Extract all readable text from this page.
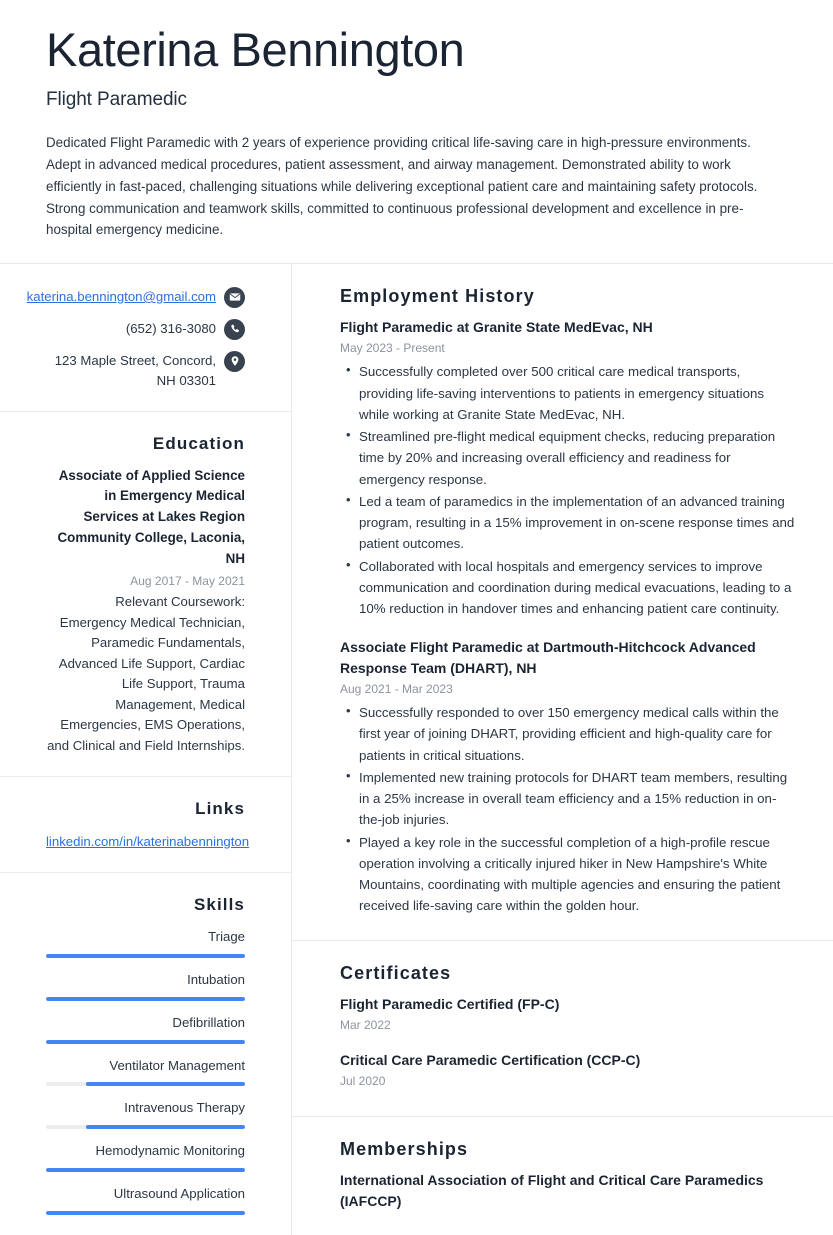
Katerina Bennington
Flight Paramedic

Dedicated Flight Paramedic with 2 years of experience providing critical life-saving care in high-pressure environments. Adept in advanced medical procedures, patient assessment, and airway management. Demonstrated ability to work efficiently in fast-paced, challenging situations while delivering exceptional patient care and maintaining safety protocols. Strong communication and teamwork skills, committed to continuous professional development and excellence in pre-hospital emergency medicine.

katerina.bennington@gmail.com
(652) 316-3080
123 Maple Street, Concord, NH 03301
Education

Associate of Applied Science in Emergency Medical Services at Lakes Region Community College, Laconia, NH

Aug 2017 - May 2021

Relevant Coursework: Emergency Medical Technician, Paramedic Fundamentals, Advanced Life Support, Cardiac Life Support, Trauma Management, Medical Emergencies, EMS Operations, and Clinical and Field Internships.

Links
linkedin.com/in/katerinabennington
Skills
Triage
Intubation
Defibrillation
Ventilator Management
Intravenous Therapy
Hemodynamic Monitoring
Ultrasound Application
Employment History

Flight Paramedic at Granite State MedEvac, NH

May 2023 - Present
• Successfully completed over 500 critical care medical transports, providing life-saving interventions to patients in emergency situations while working at Granite State MedEvac, NH.
• Streamlined pre-flight medical equipment checks, reducing preparation time by 20% and increasing overall efficiency and readiness for emergency response.
• Led a team of paramedics in the implementation of an advanced training program, resulting in a 15% improvement in on-scene response times and patient outcomes.
• Collaborated with local hospitals and emergency services to improve communication and coordination during medical evacuations, leading to a 10% reduction in handover times and enhancing patient care continuity.

Associate Flight Paramedic at Dartmouth-Hitchcock Advanced Response Team (DHART), NH

Aug 2021 - Mar 2023
• Successfully responded to over 150 emergency medical calls within the first year of joining DHART, providing efficient and high-quality care for patients in critical situations.
• Implemented new training protocols for DHART team members, resulting in a 25% increase in overall team efficiency and a 15% reduction in on-the-job injuries.
• Played a key role in the successful completion of a high-profile rescue operation involving a critically injured hiker in New Hampshire's White Mountains, coordinating with multiple agencies and ensuring the patient received life-saving care within the golden hour.
Certificates

Flight Paramedic Certified (FP-C)

Mar 2022

Critical Care Paramedic Certification (CCP-C)

Jul 2020
Memberships

International Association of Flight and Critical Care Paramedics (IAFCCP)
